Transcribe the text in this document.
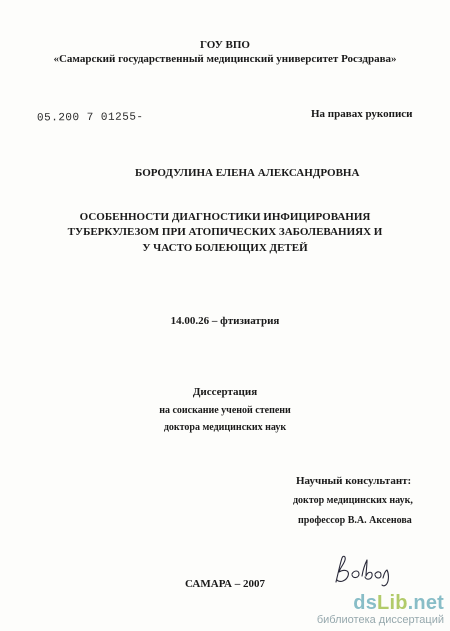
ГОУ ВПО
«Самарский государственный медицинский университет Росздрава»
На правах рукописи
05.200 7 01255-
БОРОДУЛИНА ЕЛЕНА АЛЕКСАНДРОВНА
ОСОБЕННОСТИ ДИАГНОСТИКИ ИНФИЦИРОВАНИЯ
ТУБЕРКУЛЕЗОМ ПРИ АТОПИЧЕСКИХ ЗАБОЛЕВАНИЯХ И
У ЧАСТО БОЛЕЮЩИХ ДЕТЕЙ
14.00.26 – фтизиатрия
Диссертация
на соискание ученой степени
доктора медицинских наук
Научный консультант:
доктор медицинских наук,
профессор В.А. Аксенова
САМАРА – 2007
dsLib.net
библиотека диссертаций
